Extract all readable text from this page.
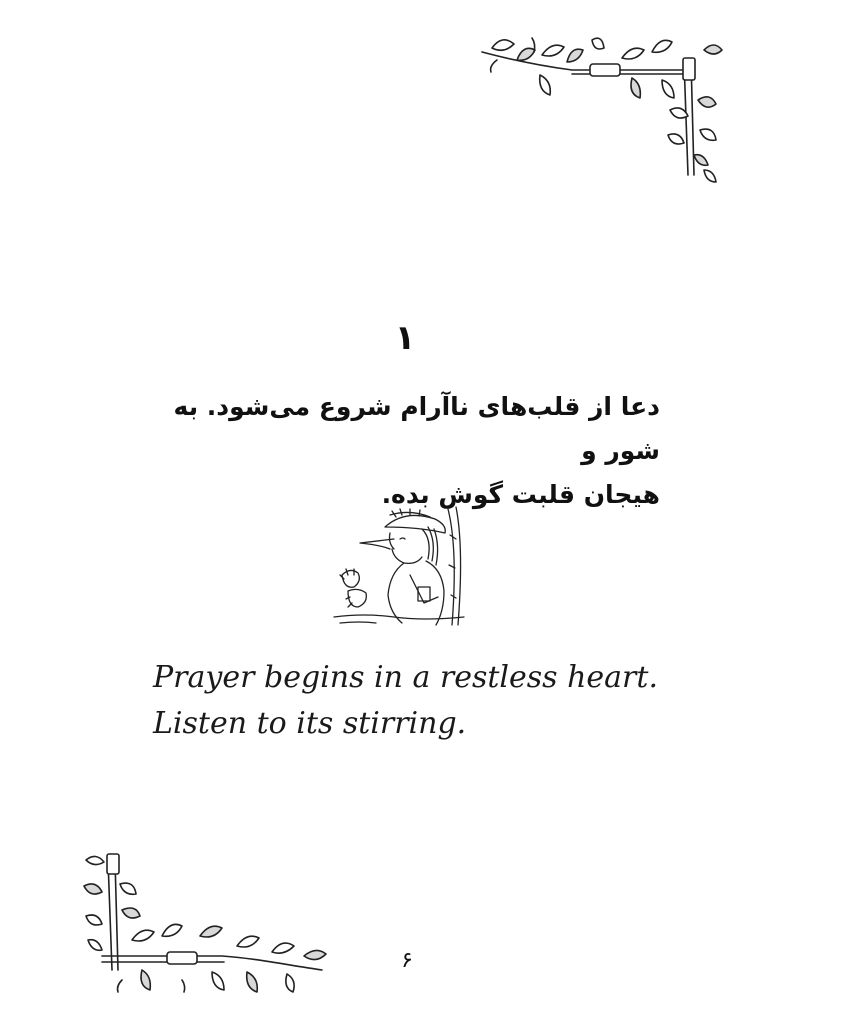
۱
دعا از قلب‌های ناآرام شروع می‌شود. به شور و
هیجان قلبت گوش بده.
Prayer begins in a restless heart.
Listen to its stirring.
۶
